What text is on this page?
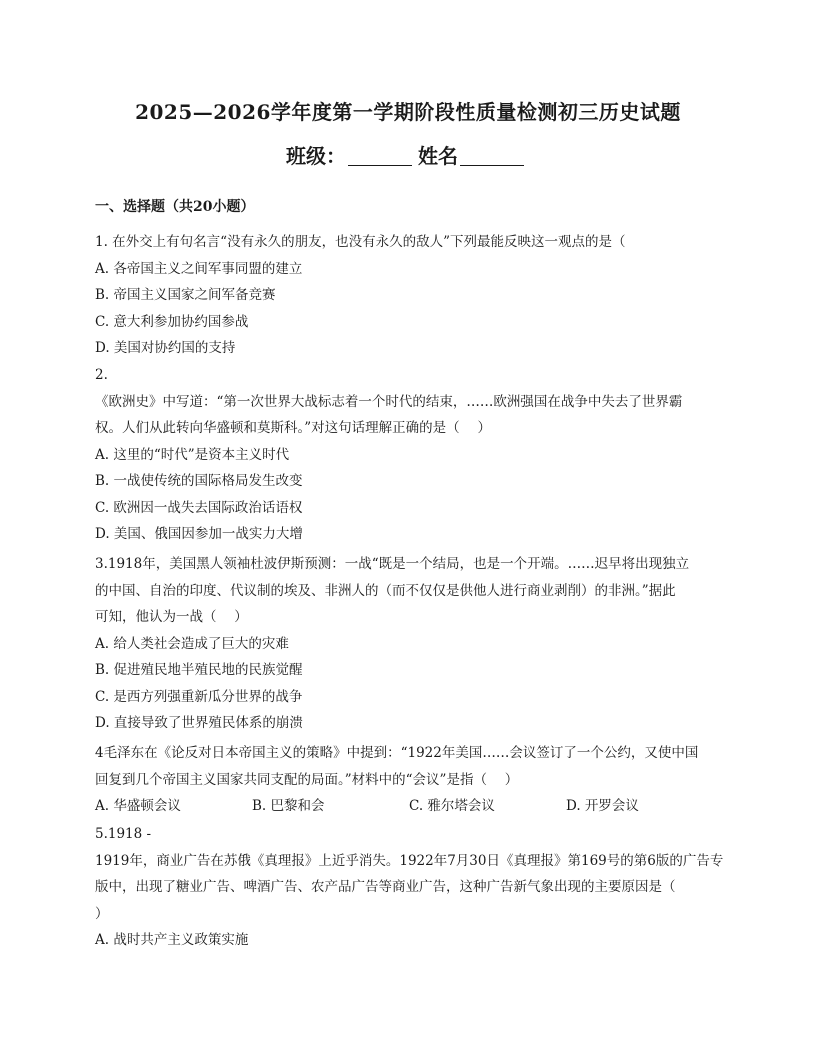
2025—2026学年度第一学期阶段性质量检测初三历史试题
班级：	姓名
一、选择题（共20小题）
1. 在外交上有句名言“没有永久的朋友，也没有永久的敌人”下列最能反映这一观点的是（
A. 各帝国主义之间军事同盟的建立
B. 帝国主义国家之间军备竞赛
C. 意大利参加协约国参战
D. 美国对协约国的支持
2.
《欧洲史》中写道：“第一次世界大战标志着一个时代的结束，……欧洲强国在战争中失去了世界霸
权。人们从此转向华盛顿和莫斯科。”对这句话理解正确的是（　 ）
A. 这里的“时代”是资本主义时代
B. 一战使传统的国际格局发生改变
C. 欧洲因一战失去国际政治话语权
D. 美国、俄国因参加一战实力大增
3.1918年，美国黑人领袖杜波伊斯预测：一战“既是一个结局，也是一个开端。……迟早将出现独立
的中国、自治的印度、代议制的埃及、非洲人的（而不仅仅是供他人进行商业剥削）的非洲。”据此
可知，他认为一战（　 ）
A. 给人类社会造成了巨大的灾难
B. 促进殖民地半殖民地的民族觉醒
C. 是西方列强重新瓜分世界的战争
D. 直接导致了世界殖民体系的崩溃
4毛泽东在《论反对日本帝国主义的策略》中提到：“1922年美国……会议签订了一个公约，又使中国
回复到几个帝国主义国家共同支配的局面。”材料中的“会议”是指（　 ）
A. 华盛顿会议	B. 巴黎和会	C. 雅尔塔会议	D. 开罗会议
5.1918 -
1919年，商业广告在苏俄《真理报》上近乎消失。1922年7月30日《真理报》第169号的第6版的广告专
版中，出现了糖业广告、啤酒广告、农产品广告等商业广告，这种广告新气象出现的主要原因是（
）
A. 战时共产主义政策实施
